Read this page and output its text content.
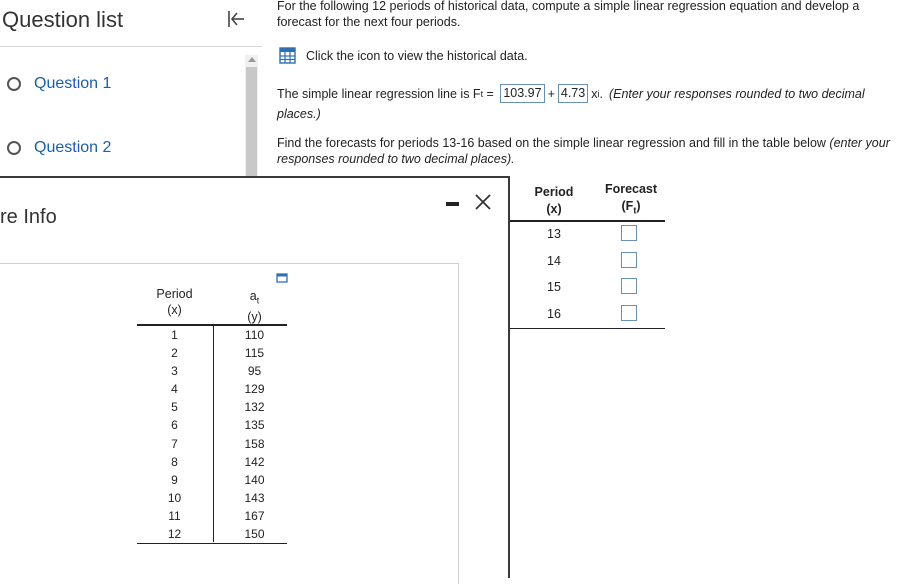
Question list
Question 1
Question 2
For the following 12 periods of historical data, compute a simple linear regression equation and develop a forecast for the next four periods.
Click the icon to view the historical data.
The simple linear regression line is F t = 103.97 + 4.73 x i . (Enter your responses rounded to two decimal
places.)
Find the forecasts for periods 13-16 based on the simple linear regression and fill in the table below (enter your responses rounded to two decimal places).
Period
(x)
Forecast
$(F_t)$
13
14
15
16
re Info
Period
(x)
$a_t$
(y)
1	110
2	115
3	95
4	129
5	132
6	135
7	158
8	142
9	140
10	143
11	167
12	150
